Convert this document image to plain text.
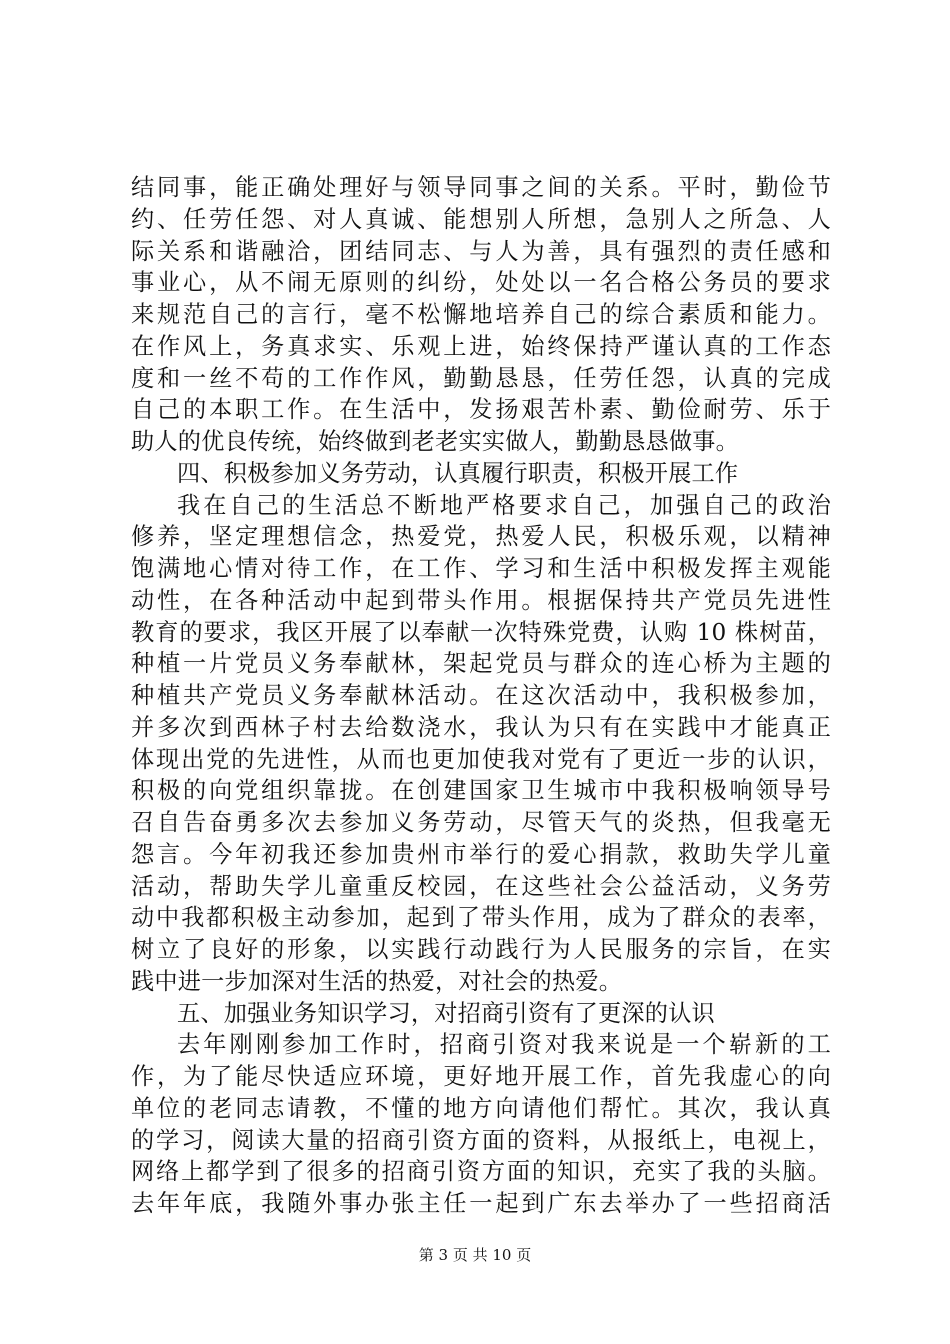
结同事，能正确处理好与领导同事之间的关系。平时，勤俭节
约、任劳任怨、对人真诚、能想别人所想，急别人之所急、人
际关系和谐融洽，团结同志、与人为善，具有强烈的责任感和
事业心，从不闹无原则的纠纷，处处以一名合格公务员的要求
来规范自己的言行，毫不松懈地培养自己的综合素质和能力。
在作风上，务真求实、乐观上进，始终保持严谨认真的工作态
度和一丝不苟的工作作风，勤勤恳恳，任劳任怨，认真的完成
自己的本职工作。在生活中，发扬艰苦朴素、勤俭耐劳、乐于
助人的优良传统，始终做到老老实实做人，勤勤恳恳做事。
四、积极参加义务劳动，认真履行职责，积极开展工作
我在自己的生活总不断地严格要求自己，加强自己的政治
修养，坚定理想信念，热爱党，热爱人民，积极乐观，以精神
饱满地心情对待工作，在工作、学习和生活中积极发挥主观能
动性，在各种活动中起到带头作用。根据保持共产党员先进性
教育的要求，我区开展了以奉献一次特殊党费，认购 10 株树苗，
种植一片党员义务奉献林，架起党员与群众的连心桥为主题的
种植共产党员义务奉献林活动。在这次活动中，我积极参加，
并多次到西林子村去给数浇水，我认为只有在实践中才能真正
体现出党的先进性，从而也更加使我对党有了更近一步的认识，
积极的向党组织靠拢。在创建国家卫生城市中我积极响领导号
召自告奋勇多次去参加义务劳动，尽管天气的炎热，但我毫无
怨言。今年初我还参加贵州市举行的爱心捐款，救助失学儿童
活动，帮助失学儿童重反校园，在这些社会公益活动，义务劳
动中我都积极主动参加，起到了带头作用，成为了群众的表率，
树立了良好的形象，以实践行动践行为人民服务的宗旨，在实
践中进一步加深对生活的热爱，对社会的热爱。
五、加强业务知识学习，对招商引资有了更深的认识
去年刚刚参加工作时，招商引资对我来说是一个崭新的工
作，为了能尽快适应环境，更好地开展工作，首先我虚心的向
单位的老同志请教，不懂的地方向请他们帮忙。其次，我认真
的学习，阅读大量的招商引资方面的资料，从报纸上，电视上，
网络上都学到了很多的招商引资方面的知识，充实了我的头脑。
去年年底，我随外事办张主任一起到广东去举办了一些招商活
第 3 页 共 10 页
